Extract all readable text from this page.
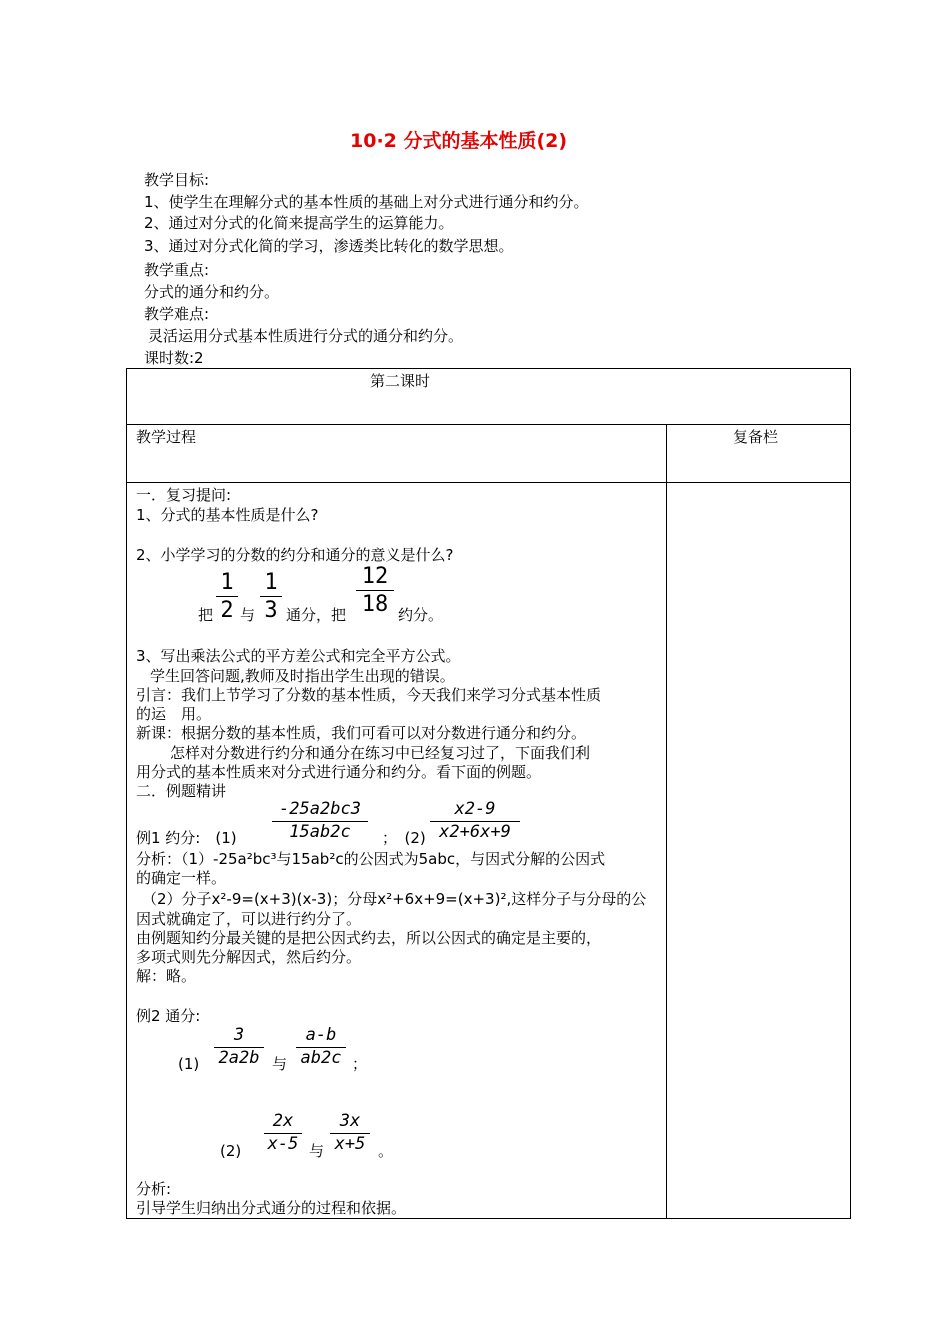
10·2 分式的基本性质(2)
教学目标:
1、使学生在理解分式的基本性质的基础上对分式进行通分和约分。
2、通过对分式的化简来提高学生的运算能力。
3、通过对分式化简的学习，渗透类比转化的数学思想。
教学重点:
分式的通分和约分。
教学难点:
灵活运用分式基本性质进行分式的通分和约分。
课时数:2
第二课时
教学过程	复备栏
一．复习提问:
1、分式的基本性质是什么?
2、小学学习的分数的约分和通分的意义是什么?
1
2
1
3
12
18
把 与 通分，把	约分。
3、写出乘法公式的平方差公式和完全平方公式。
学生回答问题,教师及时指出学生出现的错误。
引言：我们上节学习了分数的基本性质，今天我们来学习分式基本性质
的运　用。
新课：根据分数的基本性质，我们可看可以对分数进行通分和约分。
怎样对分数进行约分和通分在练习中已经复习过了，下面我们利
用分式的基本性质来对分式进行通分和约分。看下面的例题。
二．例题精讲
-25a2bc3
15ab2c
x2-9
x2+6x+9
例1 约分:　(1)	；　(2)
分析：（1）-25a²bc³与15ab²c的公因式为5abc，与因式分解的公因式
的确定一样。
（2）分子x²-9=(x+3)(x-3)；分母x²+6x+9=(x+3)²,这样分子与分母的公
因式就确定了，可以进行约分了。
由例题知约分最关键的是把公因式约去，所以公因式的确定是主要的，
多项式则先分解因式，然后约分。
解：略。
例2 通分:
3
2a2b
a-b
ab2c
(1)	与	；
2x
x-5
3x
x+5
(2)	与	。
分析:
引导学生归纳出分式通分的过程和依据。
